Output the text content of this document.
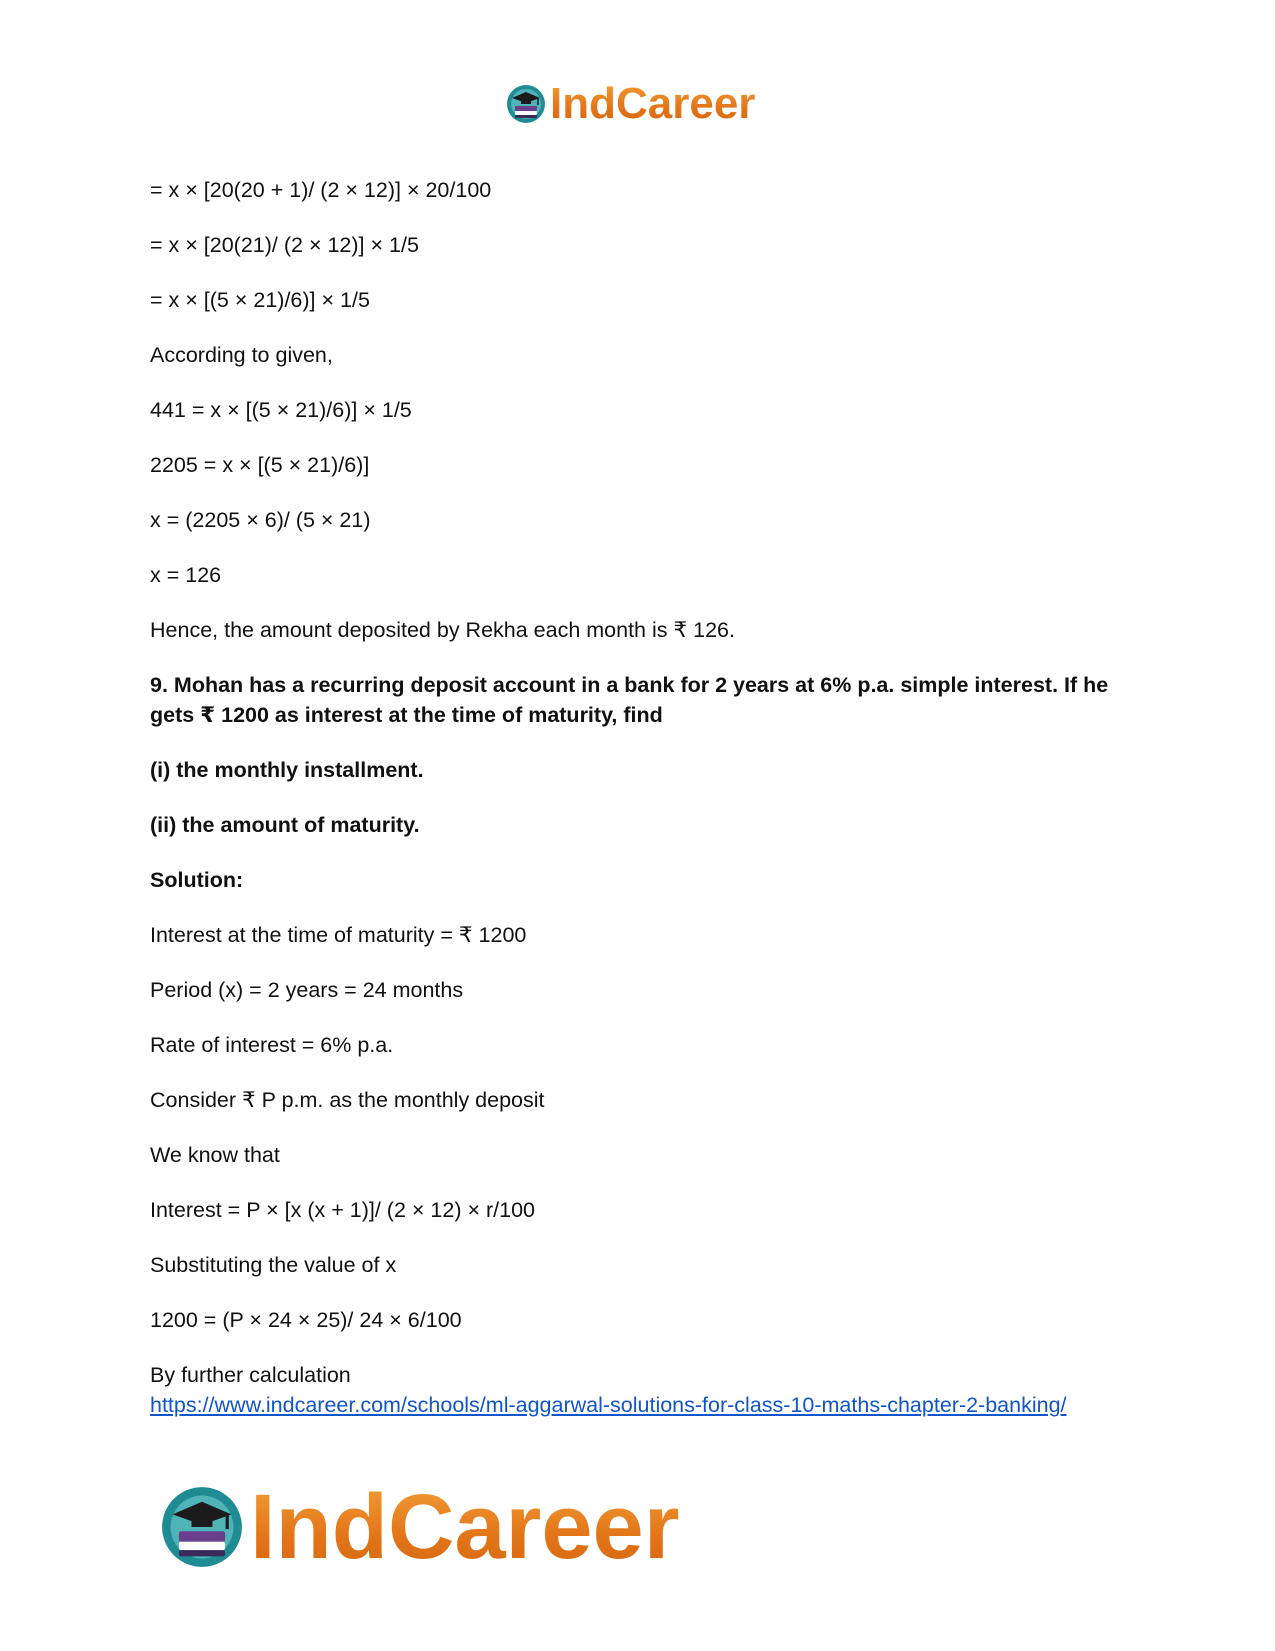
IndCareer
= x × [20(20 + 1)/ (2 × 12)] × 20/100
= x × [20(21)/ (2 × 12)] × 1/5
= x × [(5 × 21)/6)] × 1/5
According to given,
441 = x × [(5 × 21)/6)] × 1/5
2205 = x × [(5 × 21)/6)]
x = (2205 × 6)/ (5 × 21)
x = 126
Hence, the amount deposited by Rekha each month is ₹ 126.
9. Mohan has a recurring deposit account in a bank for 2 years at 6% p.a. simple interest. If he gets ₹ 1200 as interest at the time of maturity, find
(i) the monthly installment.
(ii) the amount of maturity.
Solution:
Interest at the time of maturity = ₹ 1200
Period (x) = 2 years = 24 months
Rate of interest = 6% p.a.
Consider ₹ P p.m. as the monthly deposit
We know that
Interest = P × [x (x + 1)]/ (2 × 12) × r/100
Substituting the value of x
1200 = (P × 24 × 25)/ 24 × 6/100
By further calculation
https://www.indcareer.com/schools/ml-aggarwal-solutions-for-class-10-maths-chapter-2-banking/
IndCareer
